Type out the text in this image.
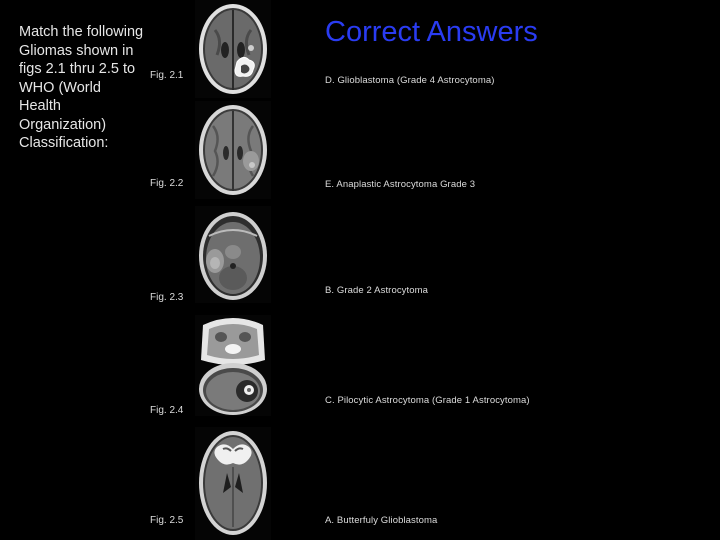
Match the following Gliomas shown in figs 2.1 thru 2.5 to WHO (World Health Organization) Classification:
Correct Answers
Fig. 2.1
Fig. 2.2
Fig. 2.3
Fig. 2.4
Fig. 2.5
D. Glioblastoma (Grade 4 Astrocytoma)
E. Anaplastic Astrocytoma Grade 3
B. Grade 2 Astrocytoma
C. Pilocytic Astrocytoma (Grade 1 Astrocytoma)
A. Butterfuly Glioblastoma
